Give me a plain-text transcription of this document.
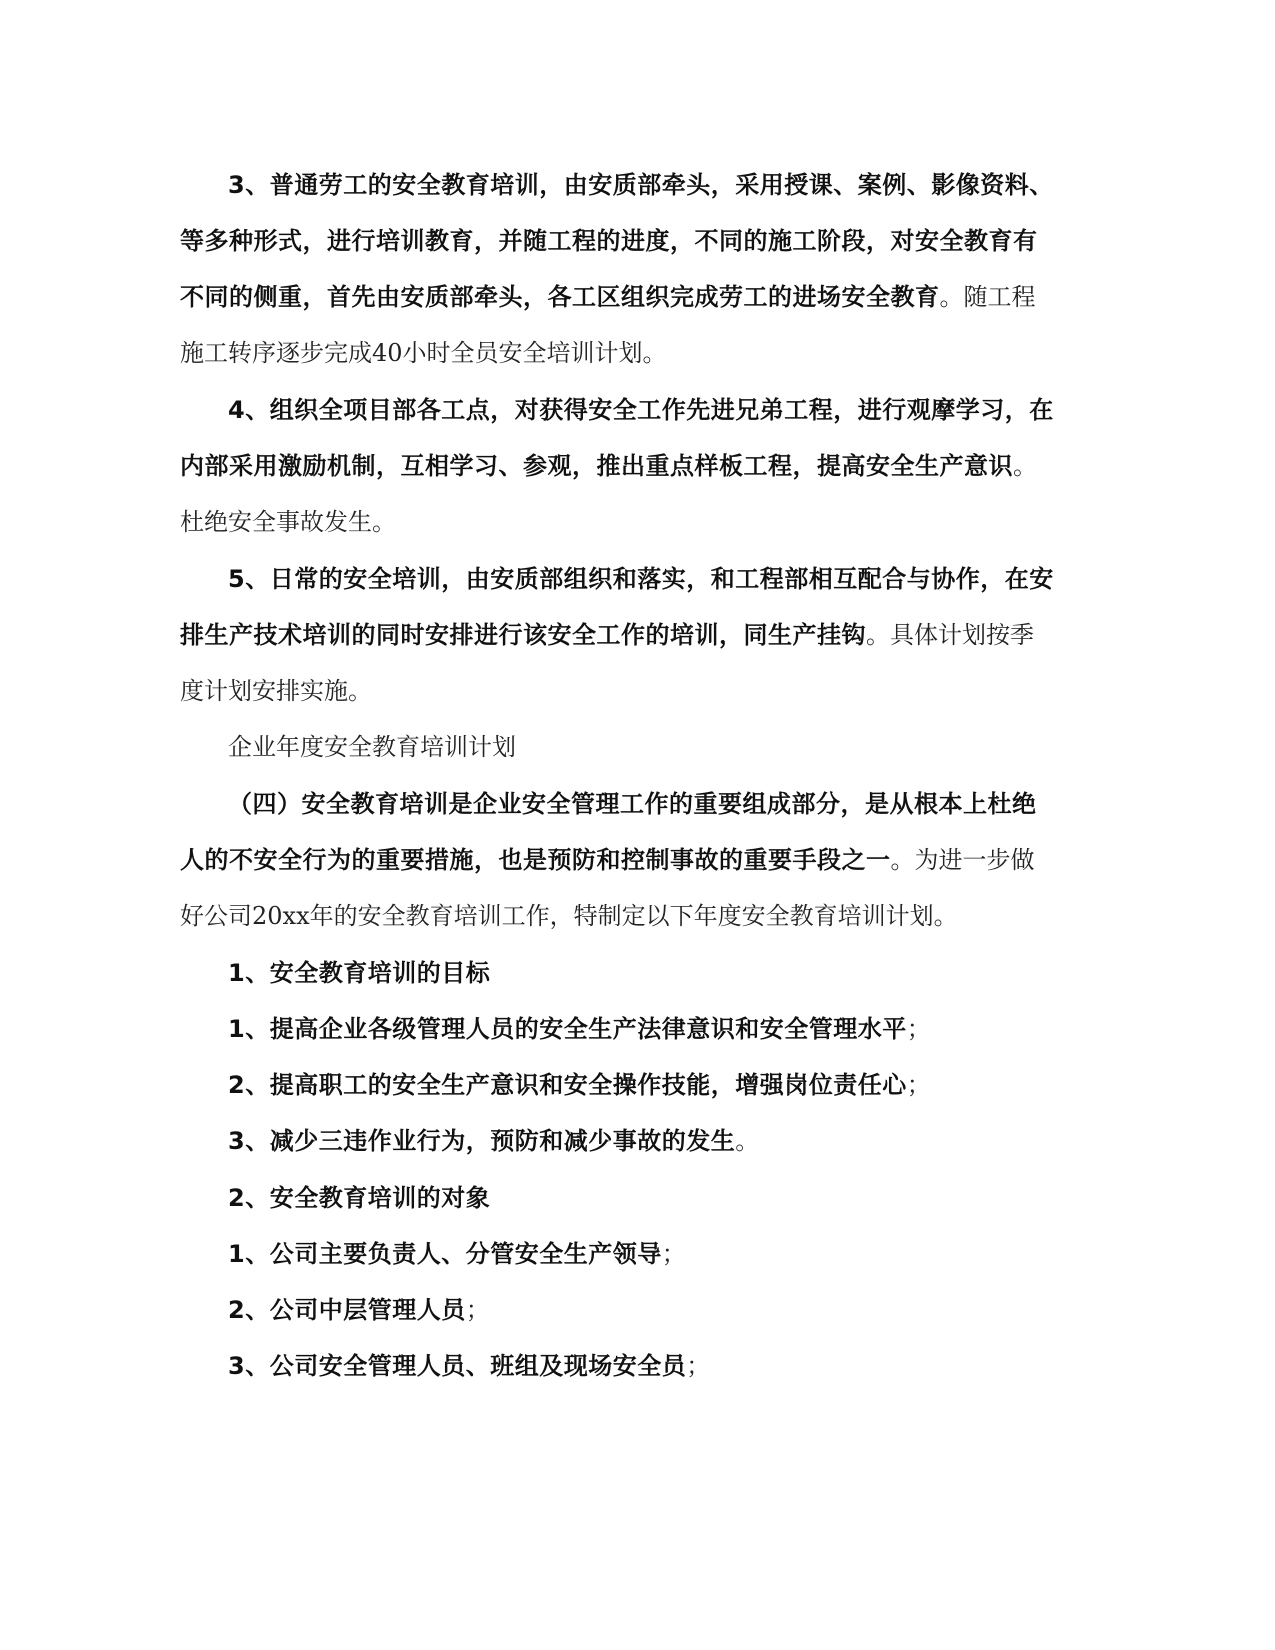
3、普通劳工的安全教育培训，由安质部牵头，采用授课、案例、影像资料、
等多种形式，进行培训教育，并随工程的进度，不同的施工阶段，对安全教育有
不同的侧重，首先由安质部牵头，各工区组织完成劳工的进场安全教育。随工程
施工转序逐步完成40小时全员安全培训计划。
4、组织全项目部各工点，对获得安全工作先进兄弟工程，进行观摩学习，在
内部采用激励机制，互相学习、参观，推出重点样板工程，提高安全生产意识。
杜绝安全事故发生。
5、日常的安全培训，由安质部组织和落实，和工程部相互配合与协作，在安
排生产技术培训的同时安排进行该安全工作的培训，同生产挂钩。具体计划按季
度计划安排实施。
企业年度安全教育培训计划
（四）安全教育培训是企业安全管理工作的重要组成部分，是从根本上杜绝
人的不安全行为的重要措施，也是预防和控制事故的重要手段之一。为进一步做
好公司20xx年的安全教育培训工作，特制定以下年度安全教育培训计划。
1、安全教育培训的目标
1、提高企业各级管理人员的安全生产法律意识和安全管理水平；
2、提高职工的安全生产意识和安全操作技能，增强岗位责任心；
3、减少三违作业行为，预防和减少事故的发生。
2、安全教育培训的对象
1、公司主要负责人、分管安全生产领导；
2、公司中层管理人员；
3、公司安全管理人员、班组及现场安全员；
